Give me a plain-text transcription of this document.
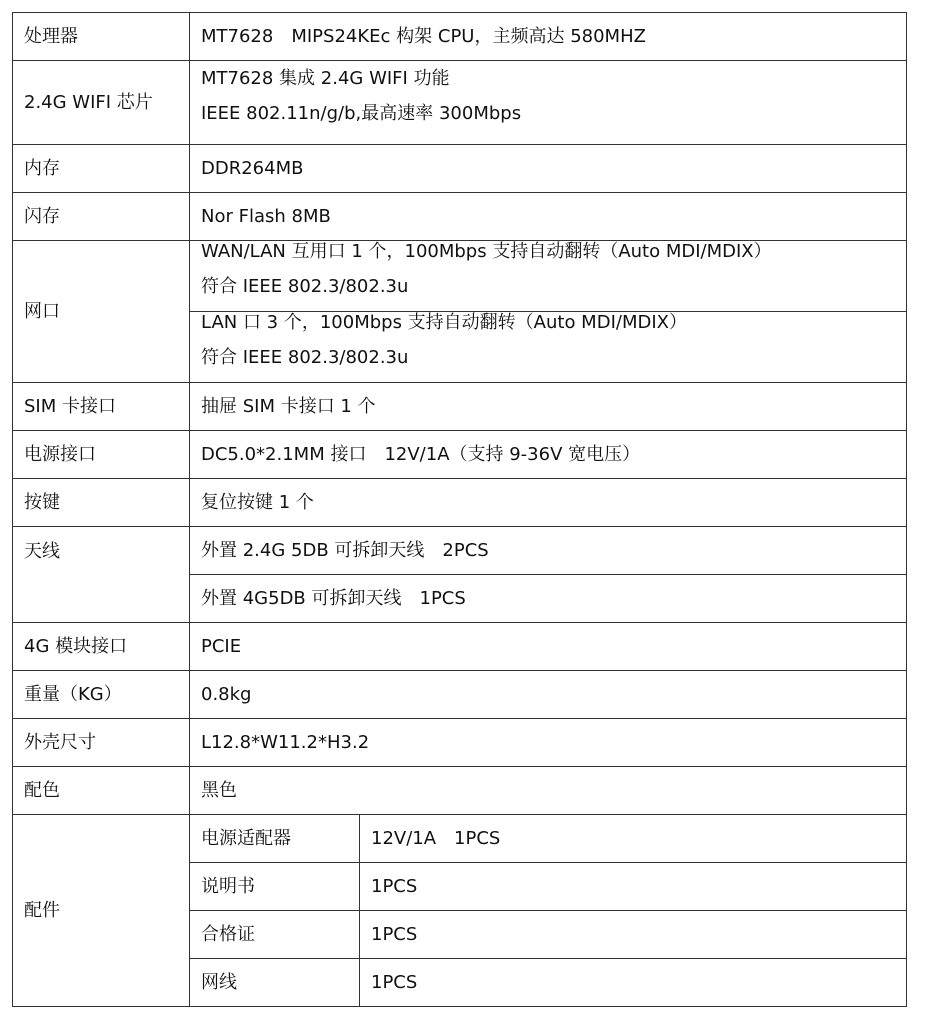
处理器	MT7628　MIPS24KEc 构架 CPU，主频高达 580MHZ	
2.4G WIFI 芯片	MT7628 集成 2.4G WIFI 功能
IEEE 802.11n/g/b,最高速率 300Mbps	

内存	DDR264MB	
闪存	Nor Flash 8MB	
网口	WAN/LAN 互用口 1 个，100Mbps 支持自动翻转（Auto MDI/MDIX）
符合 IEEE 802.3/802.3u	

	LAN 口 3 个，100Mbps 支持自动翻转（Auto MDI/MDIX）
符合 IEEE 802.3/802.3u	

SIM 卡接口	抽屉 SIM 卡接口 1 个	
电源接口	DC5.0*2.1MM 接口　12V/1A（支持 9-36V 宽电压）	
按键	复位按键 1 个	
天线	外置 2.4G 5DB 可拆卸天线　2PCS	
	外置 4G5DB 可拆卸天线　1PCS	
4G 模块接口	PCIE	
重量（KG）	0.8kg	
外壳尺寸	L12.8*W11.2*H3.2	
配色	黑色	
配件	电源适配器	12V/1A　1PCS
	说明书	1PCS
	合格证	1PCS
	网线	1PCS
